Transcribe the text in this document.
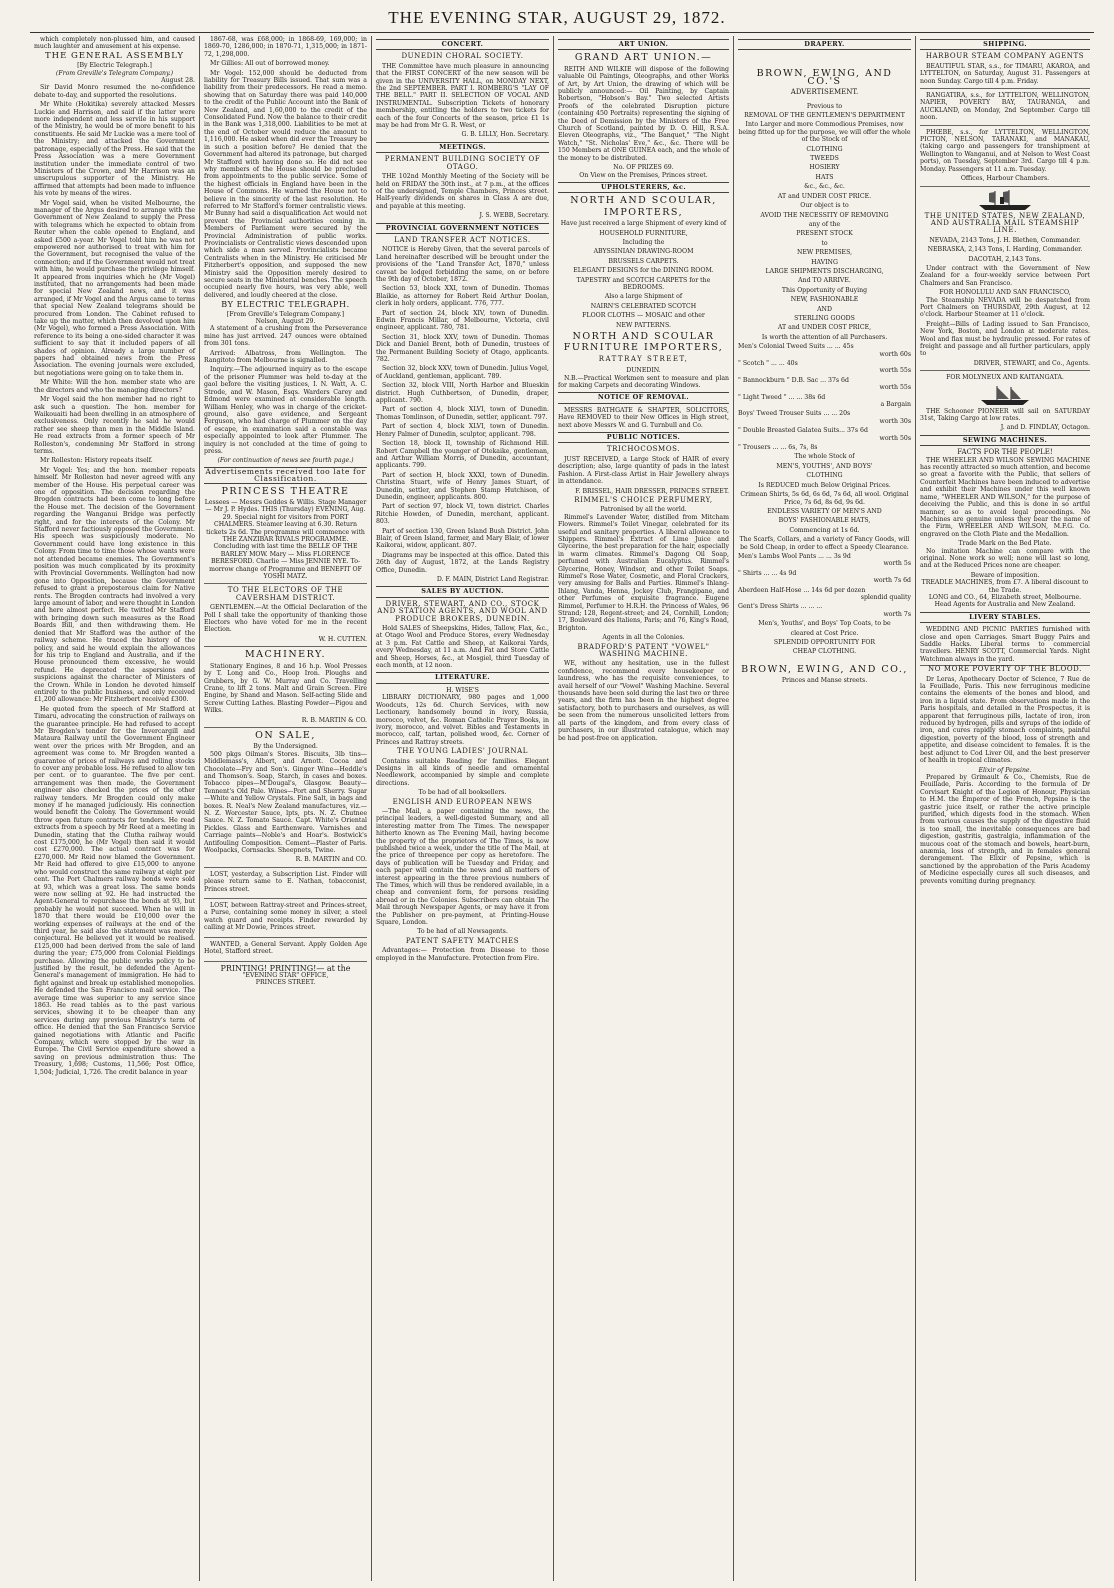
THE EVENING STAR, AUGUST 29, 1872.

which completely non-plussed him, and caused much laughter and amusement at his expense.

THE GENERAL ASSEMBLY
[By Electric Telegraph.]
(From Greville's Telegram Company.)
August 28.

Sir David Monro resumed the no-confidence debate to-day, and supported the resolutions.

Mr White (Hokitika) severely attacked Messrs Luckie and Harrison, and said if the latter were more independent and less servile in his support of the Ministry, he would be of more benefit to his constituents. He said Mr Luckie was a mere tool of the Ministry; and attacked the Government patronage, especially of the Press. He said that the Press Association was a mere Government institution under the immediate control of two Ministers of the Crown, and Mr Harrison was an unscrupulous supporter of the Ministry. He affirmed that attempts had been made to influence his vote by means of the wires.

Mr Vogel said, when he visited Melbourne, the manager of the Argus desired to arrange with the Government of New Zealand to supply the Press with telegrams which he expected to obtain from Reuter when the cable opened to England, and asked £500 a-year. Mr Vogel told him he was not empowered nor authorised to treat with him for the Government, but recognised the value of the connection; and if the Government would not treat with him, he would purchase the privilege himself. It appeared from inquiries which he (Mr Vogel) instituted, that no arrangements had been made for special New Zealand news, and it was arranged, if Mr Vogel and the Argus came to terms that special New Zealand telegrams should be procured from London. The Cabinet refused to take up the matter, which then devolved upon him (Mr Vogel), who formed a Press Association. With reference to its being a one-sided character it was sufficient to say that it included papers of all shades of opinion. Already a large number of papers had obtained news from the Press Association. The evening journals were excluded, but negotiations were going on to take them in.

Mr White: Will the hon. member state who are the directors and who the managing directors?

Mr Vogel said the hon member had no right to ask such a question. The hon. member for Waikouaiti had been dwelling in an atmosphere of exclusiveness. Only recently he said he would rather see sheep than men in the Middle Island. He read extracts from a former speech of Mr Rolleston's, condemning Mr Stafford in strong terms.

Mr Rolleston: History repeats itself.

Mr Vogel: Yes; and the hon. member repeats himself. Mr Rolleston had never agreed with any member of the House. His perpetual career was one of opposition. The decision regarding the Brogden contracts had been come to long before the House met. The decision of the Government regarding the Wanganui Bridge was perfectly right, and for the interests of the Colony. Mr Stafford never factiously opposed the Government. His speech was suspiciously moderate. No Government could have long existence in this Colony. From time to time those whose wants were not attended became enemies. The Government's position was much complicated by its proximity with Provincial Governments. Wellington had now gone into Opposition, because the Government refused to grant a preposterous claim for Native rents. The Brogden contracts had involved a very large amount of labor, and were thought in London and here almost perfect. He twitted Mr Stafford with bringing down such measures as the Road Boards Bill, and then withdrawing them. He denied that Mr Stafford was the author of the railway scheme. He traced the history of the policy, and said he would explain the allowances for his trip to England and Australia, and if the House pronounced them excessive, he would refund. He deprecated the aspersions and suspicions against the character of Ministers of the Crown. While in London he devoted himself entirely to the public business, and only received £1,200 allowance: Mr Fitzherbert received £300.

He quoted from the speech of Mr Stafford at Timaru, advocating the construction of railways on the guarantee principle. He had refused to accept Mr Brogden's tender for the Invercargill and Mataura Railway until the Government Engineer went over the prices with Mr Brogden, and an agreement was come to. Mr Brogden wanted a guarantee of prices of railways and rolling stocks to cover any probable loss. He refused to allow ten per cent. or to guarantee. The five per cent. arrangement was then made, the Government engineer also checked the prices of the other railway tenders. Mr Brogden could only make money if he managed judiciously. His connection would benefit the Colony. The Government would throw open future contracts for tenders. He read extracts from a speech by Mr Reed at a meeting in Dunedin, stating that the Clutha railway would cost £175,000, he (Mr Vogel) then said it would cost £270,000. The actual contract was for £270,000. Mr Reid now blamed the Government. Mr Reid had offered to give £15,000 to anyone who would construct the same railway at eight per cent. The Port Chalmers railway bonds were sold at 93, which was a great loss. The same bonds were now selling at 92. He had instructed the Agent-General to repurchase the bonds at 93, but probably he would not succeed. When he will in 1870 that there would be £10,000 over the working expenses of railways at the end of the third year, he said also the statement was merely conjectural. He believed yet it would be realised. £125,000 had been derived from the sale of land during the year; £75,000 from Colonial Fieldings purchase. Allowing the public works policy to be justified by the result, he defended the Agent-General's management of immigration. He had to fight against and break up established monopolies. He defended the San Francisco mail service. The average time was superior to any service since 1863. He read tables as to the past various services, showing it to be cheaper than any services during any previous Ministry's term of office. He denied that the San Francisco Service gained negotiations with Atlantic and Pacific Company, which were stopped by the war in Europe. The Civil Service expenditure showed a saving on previous administration thus: The Treasury, 1,698; Customs, 11,566; Post Office, 1,504; Judicial, 1,726. The credit balance in year

1867-68, was £68,000; in 1868-69, 169,000; in 1869-70, 1286,000; in 1870-71, 1,315,000; in 1871-72, 1,298,000.

Mr Gillies: All out of borrowed money.

Mr Vogel: 152,000 should be deducted from liability for Treasury Bills issued. That sum was a liability from their predecessors. He read a memo. showing that on Saturday there was paid 140,000 to the credit of the Public Account into the Bank of New Zealand, and 1,60,000 to the credit of the Consolidated Fund. Now the balance to their credit in the Bank was 1,318,000. Liabilities to be met at the end of October would reduce the amount to 1,116,000. He asked when did ever the Treasury be in such a position before? He denied that the Government had altered its patronage, but charged Mr Stafford with having done so. He did not see why members of the House should be precluded from appointments to the public service. Some of the highest officials in England have been in the House of Commons. He warned the House not to believe in the sincerity of the last resolution. He referred to Mr Stafford's former centralistic views. Mr Bunny had said a disqualification Act would not prevent the Provincial authorities coming in. Members of Parliament were secured by the Provincial Administration of public works. Provincialists or Centralistic views descended upon which side a man served. Provincialists became Centralists when in the Ministry. He criticised Mr Fitzherbert's opposition, and supposed the new Ministry said the Opposition merely desired to secure seats in the Ministerial benches. The speech occupied nearly five hours, was very able, well delivered, and loudly cheered at the close.

BY ELECTRIC TELEGRAPH.
[From Greville's Telegram Company.]
Nelson, August 29.

A statement of a crushing from the Perseverance mine has just arrived. 247 ounces were obtained from 301 tons.

Arrived: Albatross, from Wellington. The Rangitoto from Melbourne is signalled.

Inquiry.—The adjourned inquiry as to the escape of the prisoner Plummer was held to-day at the gaol before the visiting justices, I. N. Watt, A. C. Strode, and W. Mason, Esqs. Warders Carey and Edmond were examined at considerable length. William Henley, who was in charge of the cricket-ground, also gave evidence, and Sergeant Ferguson, who had charge of Plummer on the day of escape, in examination said a constable was especially appointed to look after Plummer. The inquiry is not concluded at the time of going to press.

(For continuation of news see fourth page.)
Advertisements received too late for Classification.
PRINCESS THEATRE
Lessees — Messrs Geddes & Willis. Stage Manager — Mr J. P. Hydes. THIS (Thursday) EVENING, Aug. 29. Special night for visitors from PORT CHALMERS. Steamer leaving at 6.30. Return tickets 2s 6d. The programme will commence with THE ZANZIBAR RIVALS PROGRAMME. Concluding with last time the BELLE OF THE BARLEY MOW. Mary — Miss FLORENCE BERESFORD. Charlie — Miss JENNIE NYE. To-morrow change of Programme and BENEFIT OF YOSHI MATZ.
TO THE ELECTORS OF THE CAVERSHAM DISTRICT.

GENTLEMEN.—At the Official Declaration of the Poll I shall take the opportunity of thanking those Electors who have voted for me in the recent Election.

W. H. CUTTEN.
MACHINERY.

Stationary Engines, 8 and 16 h.p. Wool Presses by T. Long and Co., Hoop Iron. Ploughs and Grubbers, by G. W. Murray and Co. Travelling Crane, to lift 2 tons. Malt and Grain Screen. Fire Engine, by Shand and Mason. Self-acting Slide and Screw Cutting Lathes. Blasting Powder—Pigou and Wilks.

R. B. MARTIN & CO.
ON SALE,
By the Undersigned.

500 pkgs Oilman's Stores. Biscuits, 3lb tins—Middlemass's, Albert, and Arnott. Cocoa and Chocolate—Fry and Son's. Ginger Wine—Heddle's and Thomson's. Soap, Starch, in cases and boxes. Tobacco pipes—M'Dougal's, Glasgow. Beauty—Tennent's Old Pale. Wines—Port and Sherry. Sugar—White and Yellow Crystals. Fine Salt, in bags and boxes. R. Neal's New Zealand manufactures, viz.— N. Z. Worcester Sauce, lpts, pts. N. Z. Chutnee Sauce. N. Z. Tomato Sauce. Capt. White's Oriental Pickles. Glass and Earthenware. Varnishes and Carriage paints—Noble's and Hoar's. Bostwick's Antifouling Composition. Cement—Plaster of Paris. Woolpacks, Cornsacks. Sheepnets, Twine.

R. B. MARTIN and CO.

LOST, yesterday, a Subscription List. Finder will please return same to E. Nathan, tobacconist, Princes street.

LOST, between Rattray-street and Princes-street, a Purse, containing some money in silver, a steel watch guard and receipts. Finder rewarded by calling at Mr Dowie, Princes street.

WANTED, a General Servant. Apply Golden Age Hotel, Stafford street.

PRINTING! PRINTING!— at the
"EVENING STAR" OFFICE,
PRINCES STREET.
CONCERT.
DUNEDIN CHORAL SOCIETY.

THE Committee have much pleasure in announcing that the FIRST CONCERT of the new season will be given in the UNIVERSITY HALL, on MONDAY NEXT, the 2nd SEPTEMBER. PART I. ROMBERG'S "LAY OF THE BELL." PART II. SELECTION OF VOCAL AND INSTRUMENTAL. Subscription Tickets of honorary membership, entitling the holders to two tickets for each of the four Concerts of the season, price £1 1s may be had from Mr G. R. West, or

G. B. LILLY, Hon. Secretary.
MEETINGS.
PERMANENT BUILDING SOCIETY OF OTAGO.

THE 102nd Monthly Meeting of the Society will be held on FRIDAY the 30th inst., at 7 p.m., at the offices of the undersigned, Temple Chambers, Princes street. Half-yearly dividends on shares in Class A are due, and payable at this meeting.

J. S. WEBB, Secretary.
PROVINCIAL GOVERNMENT NOTICES
LAND TRANSFER ACT NOTICES.

NOTICE is Hereby Given, that the several parcels of Land hereinafter described will be brought under the provisions of the "Land Transfer Act, 1870," unless caveat be lodged forbidding the same, on or before the 9th day of October, 1872.

Section 53, block XXI, town of Dunedin. Thomas Blaikie, as attorney for Robert Reid Arthur Doolan, clerk in holy orders, applicant. 776, 777.

Part of section 24, block XIV, town of Dunedin. Edwin Francis Millar, of Melbourne, Victoria, civil engineer, applicant. 780, 781.

Section 31, block XXV, town of Dunedin. Thomas Dick and Daniel Brent, both of Dunedin, trustees of the Permanent Building Society of Otago, applicants. 782.

Section 32, block XXV, town of Dunedin. Julius Vogel, of Auckland, gentleman, applicant. 789.

Section 32, block VIII, North Harbor and Blueskin district. Hugh Cuthbertson, of Dunedin, draper, applicant. 790.

Part of section 4, block XLVI, town of Dunedin. Thomas Tomlinson, of Dunedin, settler, applicant. 797.

Part of section 4, block XLVI, town of Dunedin. Henry Palmer of Dunedin, sculptor, applicant. 798.

Section 18, block II, township of Richmond Hill. Robert Campbell the younger of Otekaike, gentleman, and Arthur William Morris, of Dunedin, accountant, applicants. 799.

Part of section H, block XXXI, town of Dunedin. Christina Stuart, wife of Henry James Stuart, of Dunedin, settler, and Stephen Stamp Hutchison, of Dunedin, engineer, applicants. 800.

Part of section 97, block VI, town district. Charles Ritchie Howden, of Dunedin, merchant, applicant. 803.

Part of section 130, Green Island Bush District. John Blair, of Green Island, farmer, and Mary Blair, of lower Kaikorai, widow, applicant. 807.

Diagrams may be inspected at this office. Dated this 26th day of August, 1872, at the Lands Registry Office, Dunedin.

D. F. MAIN, District Land Registrar.
SALES BY AUCTION.
DRIVER, STEWART, AND CO., STOCK AND STATION AGENTS, AND WOOL AND PRODUCE BROKERS, DUNEDIN.

Hold SALES of Sheepskins, Hides, Tallow, Flax, &c., at Otago Wool and Produce Stores, every Wednesday at 3 p.m. Fat Cattle and Sheep, at Kaikorai Yards, every Wednesday, at 11 a.m. And Fat and Store Cattle and Sheep, Horses, &c., at Mosgiel, third Tuesday of each month, at 12 noon.

LITERATURE.
H. WISE'S

LIBRARY DICTIONARY, 980 pages and 1,000 Woodcuts, 12s 6d. Church Services, with new Lectionary, handsomely bound in ivory, Russia, morocco, velvet, &c. Roman Catholic Prayer Books, in ivory, morocco, and velvet. Bibles and Testaments in morocco, calf, tartan, polished wood, &c. Corner of Princes and Rattray streets.

THE YOUNG LADIES' JOURNAL

Contains suitable Reading for families. Elegant Designs in all kinds of needle and ornamental Needlework, accompanied by simple and complete directions.

To be had of all booksellers.
ENGLISH AND EUROPEAN NEWS

—The Mail, a paper containing the news, the principal leaders, a well-digested Summary, and all interesting matter from The Times. The newspaper hitherto known as The Evening Mail, having become the property of the proprietors of The Times, is now published twice a week, under the title of The Mail, at the price of threepence per copy as heretofore. The days of publication will be Tuesday and Friday, and each paper will contain the news and all matters of interest appearing in the three previous numbers of The Times, which will thus be rendered available, in a cheap and convenient form, for persons residing abroad or in the Colonies. Subscribers can obtain The Mail through Newspaper Agents, or may have it from the Publisher on pre-payment, at Printing-House Square, London.

To be had of all Newsagents.
PATENT SAFETY MATCHES

Advantages:— Protection from Disease to those employed in the Manufacture. Protection from Fire.

ART UNION.
GRAND ART UNION.—

REITH AND WILKIE will dispose of the following valuable Oil Paintings, Oleographs, and other Works of Art, by Art Union, the drawing of which will be publicly announced:— Oil Painting, by Captain Robertson, "Hobson's Bay." Two selected Artists Proofs of the celebrated Disruption picture (containing 450 Portraits) representing the signing of the Deed of Demission by the Ministers of the Free Church of Scotland, painted by D. O. Hill, R.S.A. Eleven Oleographs, viz., "The Banquet," "The Night Watch," "St. Nicholas' Eve," &c., &c. There will be 150 Members at ONE GUINEA each, and the whole of the money to be distributed.

No. OF PRIZES 69.
On View on the Premises, Princes street.
UPHOLSTERERS, &c.
NORTH AND SCOULAR,
IMPORTERS,

Have just received a large Shipment of every kind of

HOUSEHOLD FURNITURE,

Including the

ABYSSINIAN DRAWING-ROOM

BRUSSELS CARPETS.

ELEGANT DESIGNS for the DINING ROOM.

TAPESTRY and SCOTCH CARPETS for the BEDROOMS.

Also a large Shipment of

NAIRN'S CELEBRATED SCOTCH

FLOOR CLOTHS — MOSAIC and other

NEW PATTERNS.

NORTH AND SCOULAR
FURNITURE IMPORTERS,
RATTRAY STREET,
DUNEDIN.

N.B.—Practical Workmen sent to measure and plan for making Carpets and decorating Windows.

NOTICE OF REMOVAL.

MESSRS BATHGATE & SHAPTER, SOLICITORS, Have REMOVED to their New Offices in High street, next above Messrs W. and G. Turnbull and Co.

PUBLIC NOTICES.
TRICHOCOSMOS.

JUST RECEIVED, a Large Stock of HAIR of every description; also, large quantity of pads in the latest Fashion. A First-class Artist in Hair Jewellery always in attendance.

F. BRISSEL, HAIR DRESSER, PRINCES STREET.
RIMMEL'S CHOICE PERFUMERY,
Patronised by all the world.

Rimmel's Lavender Water, distilled from Mitcham Flowers. Rimmel's Toilet Vinegar, celebrated for its useful and sanitary properties. A liberal allowance to Shippers. Rimmel's Extract of Lime Juice and Glycerine, the best preparation for the hair, especially in warm climates. Rimmel's Dagong Oil Soap, perfumed with Australian Eucalyptus. Rimmel's Glycerine, Honey, Windsor, and other Toilet Soaps. Rimmel's Rose Water, Cosmetic, and Floral Crackers, very amusing for Balls and Parties. Rimmel's Ihlang-Ihlang, Vanda, Henna, Jockey Club, Frangipane, and other Perfumes of exquisite fragrance. Eugene Rimmel, Perfumer to H.R.H. the Princess of Wales, 96 Strand; 128, Regent-street; and 24, Cornhill, London; 17, Boulevard des Italiens, Paris; and 76, King's Road, Brighton.

Agents in all the Colonies.
BRADFORD'S PATENT "VOWEL" WASHING MACHINE.

WE, without any hesitation, use in the fullest confidence, recommend every housekeeper or laundress, who has the requisite conveniences, to avail herself of our "Vowel" Washing Machine. Several thousands have been sold during the last two or three years, and the firm has been in the highest degree satisfactory, both to purchasers and ourselves, as will be seen from the numerous unsolicited letters from all parts of the kingdom, and from every class of purchasers, in our illustrated catalogue, which may be had post-free on application.

DRAPERY.
BROWN, EWING, AND CO.'S
ADVERTISEMENT.

Previous to

REMOVAL OF THE GENTLEMEN'S DEPARTMENT

Into Larger and more Commodious Premises, now being fitted up for the purpose, we will offer the whole of the Stock of

CLOTHING

TWEEDS

HOSIERY

HATS

&c., &c., &c.

AT and UNDER COST PRICE.

Our object is to

AVOID THE NECESSITY OF REMOVING

any of the

PRESENT STOCK

to

NEW PREMISES,

HAVING

LARGE SHIPMENTS DISCHARGING,

And TO ARRIVE.

This Opportunity of Buying

NEW, FASHIONABLE

AND

STERLING GOODS

AT and UNDER COST PRICE,

Is worth the attention of all Purchasers.

Men's Colonial Tweed Suits ... ... 45s
worth 60s
" Scotch " ... ... 40s
worth 55s
" Bannockburn " D.B. Sac ... 37s 6d
worth 55s
" Light Tweed " ... ... 38s 6d
a Bargain
Boys' Tweed Trouser Suits ... ... 20s
worth 30s
" Double Breasted Galatea Suits... 37s 6d
worth 50s
" Trousers ... ... 6s, 7s, 8s

The whole Stock of

MEN'S, YOUTHS', AND BOYS'

CLOTHING

Is REDUCED much Below Original Prices.

Crimean Shirts, 5s 6d, 6s 6d, 7s 6d, all wool. Original Price, 7s 6d, 8s 6d, 9s 6d.

ENDLESS VARIETY OF MEN'S AND

BOYS' FASHIONABLE HATS,

Commencing at 1s 6d.

The Scarfs, Collars, and a variety of Fancy Goods, will be Sold Cheap, in order to effect a Speedy Clearance.

Men's Lambs Wool Pants ... ... 3s 9d
worth 5s
" Shirts ... ... 4s 9d
worth 7s 6d
Aberdeen Half-Hose ... 14s 6d per dozen
splendid quality
Gent's Dress Shirts ... ... ...
worth 7s

Men's, Youths', and Boys' Top Coats, to be

cleared at Cost Price.

SPLENDID OPPORTUNITY FOR

CHEAP CLOTHING.

BROWN, EWING, AND CO.,
Princes and Manse streets.
SHIPPING.
HARBOUR STEAM COMPANY AGENTS

BEAUTIFUL STAR, s.s., for TIMARU, AKAROA, and LYTTELTON, on Saturday, August 31. Passengers at noon Sunday. Cargo till 4 p.m. Friday.

RANGATIRA, s.s., for LYTTELTON, WELLINGTON, NAPIER, POVERTY BAY, TAURANGA, and AUCKLAND, on Monday, 2nd September. Cargo till noon.

PHŒBE, s.s., for LYTTELTON, WELLINGTON, PICTON, NELSON, TARANAKI, and MANAKAU, (taking cargo and passengers for transhipment at Wellington to Wanganui, and at Nelson to West Coast ports), on Tuesday, September 3rd. Cargo till 4 p.m. Monday. Passengers at 11 a.m. Tuesday.

Offices, Harbour Chambers.
THE UNITED STATES, NEW ZEALAND, AND AUSTRALIA MAIL STEAMSHIP LINE.

NEVADA, 2143 Tons, J. H. Blethen, Commander.

NEBRASKA, 2,143 Tons, I. Harding, Commander.

DACOTAH, 2,143 Tons.

Under contract with the Government of New Zealand for a four-weekly service between Port Chalmers and San Francisco.

FOR HONOLULU AND SAN FRANCISCO,

The Steamship NEVADA will be despatched from Port Chalmers on THURSDAY, 29th August, at 12 o'clock. Harbour Steamer at 11 o'clock.

Freight—Bills of Lading issued to San Francisco, New York, Boston, and London at moderate rates. Wool and flax must be hydraulic pressed. For rates of freight and passage and all further particulars, apply to

DRIVER, STEWART, and Co., Agents.
FOR MOLYNEUX AND KAITANGATA.

THE Schooner PIONEER will sail on SATURDAY 31st, Taking Cargo at low rates.

J. and D. FINDLAY, Octagon.
SEWING MACHINES.
FACTS FOR THE PEOPLE!

THE WHEELER AND WILSON SEWING MACHINE has recently attracted so much attention, and become so great a favorite with the Public, that sellers of Counterfeit Machines have been induced to advertise and exhibit their Machines under this well known name, "WHEELER AND WILSON," for the purpose of deceiving the Public, and this is done in so artful manner, so as to avoid legal proceedings. No Machines are genuine unless they bear the name of the Firm, WHEELER AND WILSON, M.F.G. Co. engraved on the Cloth Plate and the Medallion.

Trade Mark on the Bed Plate.

No imitation Machine can compare with the original. None work so well; none will last so long, and at the Reduced Prices none are cheaper.

Beware of imposition.
TREADLE MACHINES, from £7. A liberal discount to the Trade.
LONG and CO., 64, Elizabeth street, Melbourne. Head Agents for Australia and New Zealand.
LIVERY STABLES.

WEDDING AND PICNIC PARTIES furnished with close and open Carriages. Smart Buggy Pairs and Saddle Hacks. Liberal terms to commercial travellers. HENRY SCOTT, Commercial Yards. Night Watchman always in the yard.

NO MORE POVERTY OF THE BLOOD.

Dr Leras, Apothecary Doctor of Science, 7 Rue de la Feuillade, Paris. This new ferruginous medicine contains the elements of the bones and blood, and iron in a liquid state. From observations made in the Paris hospitals, and detailed in the Prospectus, it is apparent that ferruginous pills, lactate of iron, iron reduced by hydrogen, pills and syrups of the iodide of iron, and cures rapidly stomach complaints, painful digestion, poverty of the blood, loss of strength and appetite, and disease coincident to females. It is the best adjunct to Cod Liver Oil, and the best preserver of health in tropical climates.

Elixir of Pepsine.

Prepared by Grimault & Co., Chemists, Rue de Feuillade, Paris. According to the formula of Dr Corvisart Knight of the Legion of Honour, Physician to H.M. the Emperor of the French, Pepsine is the gastric juice itself, or rather the active principle purified, which digests food in the stomach. When from various causes the supply of the digestive fluid is too small, the inevitable consequences are bad digestion, gastritis, gastralgia, inflammation of the mucous coat of the stomach and bowels, heart-burn, anæmia, loss of strength, and in females general derangement. The Elixir of Pepsine, which is sanctioned by the approbation of the Paris Academy of Medicine especially cures all such diseases, and prevents vomiting during pregnancy.
